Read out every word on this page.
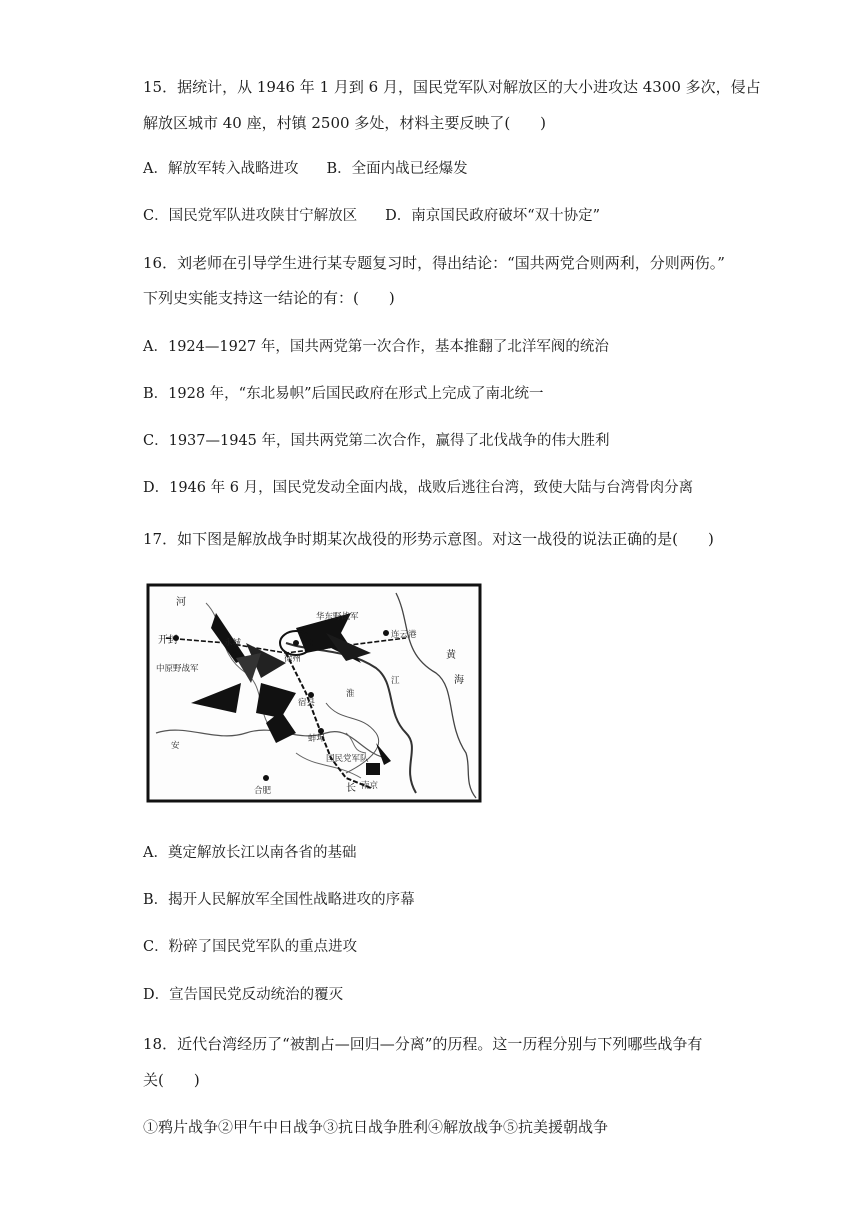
15．据统计，从 1946 年 1 月到 6 月，国民党军队对解放区的大小进攻达 4300 多次，侵占
解放区城市 40 座，村镇 2500 多处，材料主要反映了(　　)
A．解放军转入战略进攻 B．全面内战已经爆发
C．国民党军队进攻陕甘宁解放区 D．南京国民政府破坏“双十协定”
16．刘老师在引导学生进行某专题复习时，得出结论：“国共两党合则两利，分则两伤。”
下列史实能支持这一结论的有：(　　)
A．1924—1927 年，国共两党第一次合作，基本推翻了北洋军阀的统治
B．1928 年，“东北易帜”后国民政府在形式上完成了南北统一
C．1937—1945 年，国共两党第二次合作，赢得了北伐战争的伟大胜利
D．1946 年 6 月，国民党发动全面内战，战败后逃往台湾，致使大陆与台湾骨肉分离
17．如下图是解放战争时期某次战役的形势示意图。对这一战役的说法正确的是(　　)
河
开封	永城
华东野战军
中原野战军
徐州
宿县
蚌埠
合肥	南京
连云港
黄
海
江
长
安
淮
国民党军队
A．奠定解放长江以南各省的基础
B．揭开人民解放军全国性战略进攻的序幕
C．粉碎了国民党军队的重点进攻
D．宣告国民党反动统治的覆灭
18．近代台湾经历了“被割占—回归—分离”的历程。这一历程分别与下列哪些战争有
关(　　)
①鸦片战争②甲午中日战争③抗日战争胜利④解放战争⑤抗美援朝战争
